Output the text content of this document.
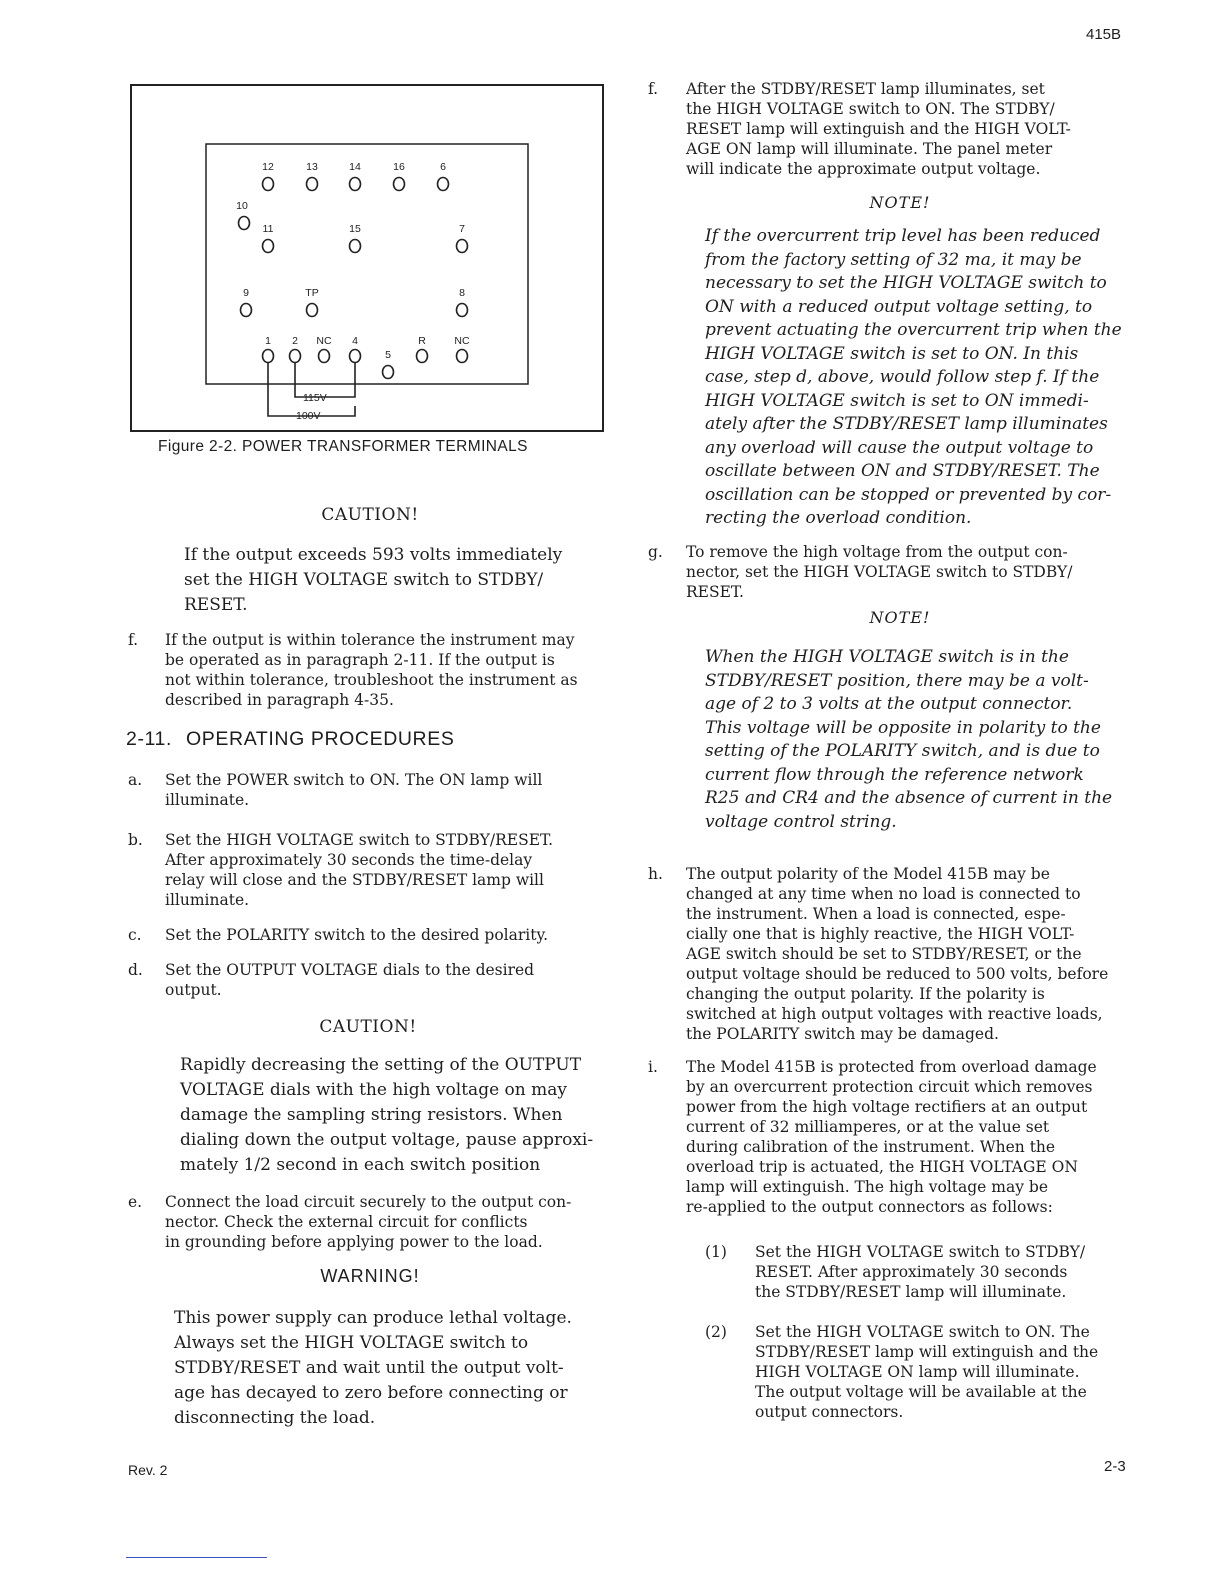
415B
12	13	14	16	6
10
11	15	7
9	TP	8
1 2 NC 4	R	NC
5
115V
100V
Figure 2-2. POWER TRANSFORMER TERMINALS
CAUTION!
If the output exceeds 593 volts immediately
set the HIGH VOLTAGE switch to STDBY/
RESET.
f.	If the output is within tolerance the instrument may
be operated as in paragraph 2-11. If the output is
not within tolerance, troubleshoot the instrument as
described in paragraph 4-35.
2-11. OPERATING PROCEDURES
a.	Set the POWER switch to ON. The ON lamp will
illuminate.
b.	Set the HIGH VOLTAGE switch to STDBY/RESET.
After approximately 30 seconds the time-delay
relay will close and the STDBY/RESET lamp will
illuminate.
c.	Set the POLARITY switch to the desired polarity.
d.	Set the OUTPUT VOLTAGE dials to the desired
output.
CAUTION!
Rapidly decreasing the setting of the OUTPUT
VOLTAGE dials with the high voltage on may
damage the sampling string resistors. When
dialing down the output voltage, pause approxi-
mately 1/2 second in each switch position
e.	Connect the load circuit securely to the output con-
nector. Check the external circuit for conflicts
in grounding before applying power to the load.
WARNING!
This power supply can produce lethal voltage.
Always set the HIGH VOLTAGE switch to
STDBY/RESET and wait until the output volt-
age has decayed to zero before connecting or
disconnecting the load.
f.	After the STDBY/RESET lamp illuminates, set
the HIGH VOLTAGE switch to ON. The STDBY/
RESET lamp will extinguish and the HIGH VOLT-
AGE ON lamp will illuminate. The panel meter
will indicate the approximate output voltage.
NOTE!
If the overcurrent trip level has been reduced
from the factory setting of 32 ma, it may be
necessary to set the HIGH VOLTAGE switch to
ON with a reduced output voltage setting, to
prevent actuating the overcurrent trip when the
HIGH VOLTAGE switch is set to ON. In this
case, step d, above, would follow step f. If the
HIGH VOLTAGE switch is set to ON immedi-
ately after the STDBY/RESET lamp illuminates
any overload will cause the output voltage to
oscillate between ON and STDBY/RESET. The
oscillation can be stopped or prevented by cor-
recting the overload condition.
g.	To remove the high voltage from the output con-
nector, set the HIGH VOLTAGE switch to STDBY/
RESET.
NOTE!
When the HIGH VOLTAGE switch is in the
STDBY/RESET position, there may be a volt-
age of 2 to 3 volts at the output connector.
This voltage will be opposite in polarity to the
setting of the POLARITY switch, and is due to
current flow through the reference network
R25 and CR4 and the absence of current in the
voltage control string.
h.	The output polarity of the Model 415B may be
changed at any time when no load is connected to
the instrument. When a load is connected, espe-
cially one that is highly reactive, the HIGH VOLT-
AGE switch should be set to STDBY/RESET, or the
output voltage should be reduced to 500 volts, before
changing the output polarity. If the polarity is
switched at high output voltages with reactive loads,
the POLARITY switch may be damaged.
i.	The Model 415B is protected from overload damage
by an overcurrent protection circuit which removes
power from the high voltage rectifiers at an output
current of 32 milliamperes, or at the value set
during calibration of the instrument. When the
overload trip is actuated, the HIGH VOLTAGE ON
lamp will extinguish. The high voltage may be
re-applied to the output connectors as follows:
(1)	Set the HIGH VOLTAGE switch to STDBY/
RESET. After approximately 30 seconds
the STDBY/RESET lamp will illuminate.
(2)	Set the HIGH VOLTAGE switch to ON. The
STDBY/RESET lamp will extinguish and the
HIGH VOLTAGE ON lamp will illuminate.
The output voltage will be available at the
output connectors.
Rev. 2	2-3
